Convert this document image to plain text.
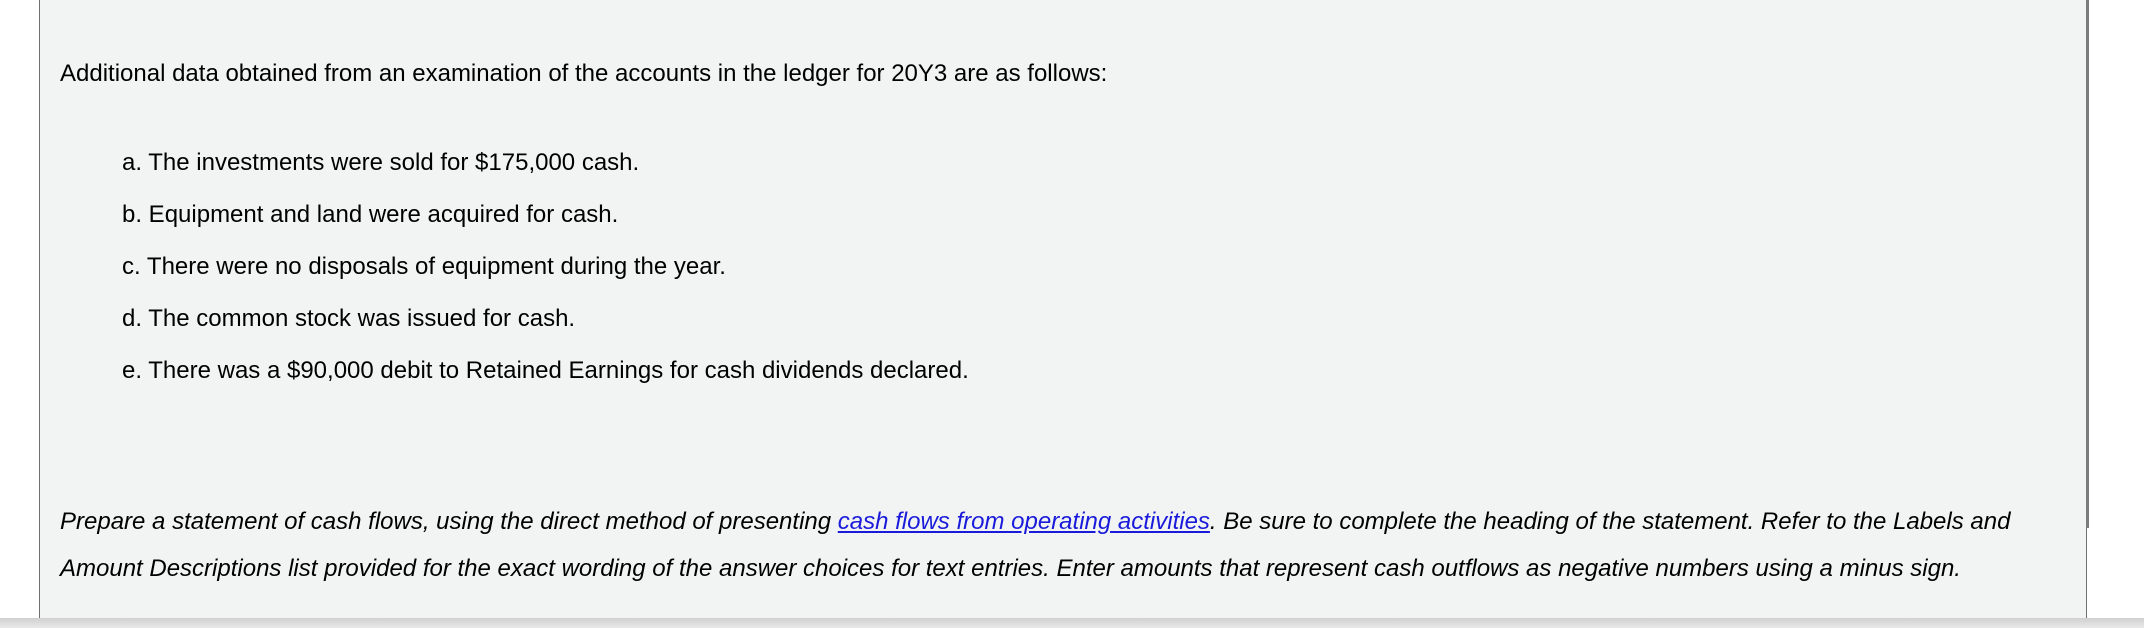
Additional data obtained from an examination of the accounts in the ledger for 20Y3 are as follows:
a. The investments were sold for $175,000 cash.
b. Equipment and land were acquired for cash.
c. There were no disposals of equipment during the year.
d. The common stock was issued for cash.
e. There was a $90,000 debit to Retained Earnings for cash dividends declared.
Prepare a statement of cash flows, using the direct method of presenting cash flows from operating activities. Be sure to complete the heading of the statement. Refer to the Labels and Amount Descriptions list provided for the exact wording of the answer choices for text entries. Enter amounts that represent cash outflows as negative numbers using a minus sign.
